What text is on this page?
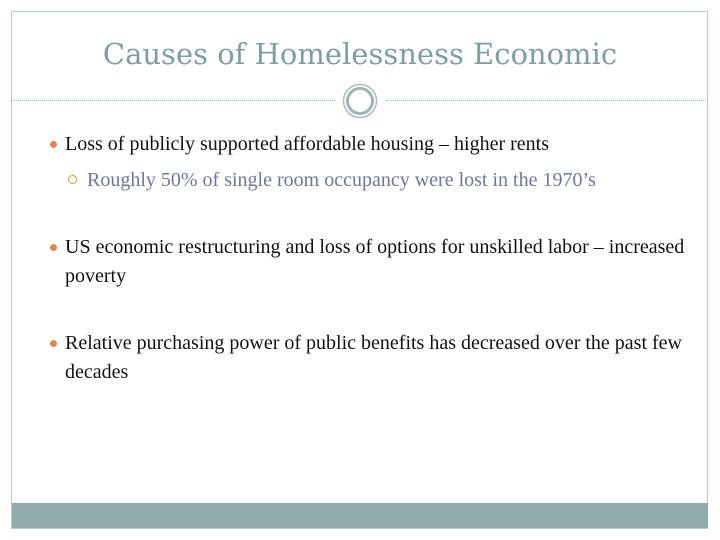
Causes of Homelessness Economic
Loss of publicly supported affordable housing – higher rents
Roughly 50% of single room occupancy were lost in the 1970’s
US economic restructuring and loss of options for unskilled labor – increased poverty
Relative purchasing power of public benefits has decreased over the past few decades
